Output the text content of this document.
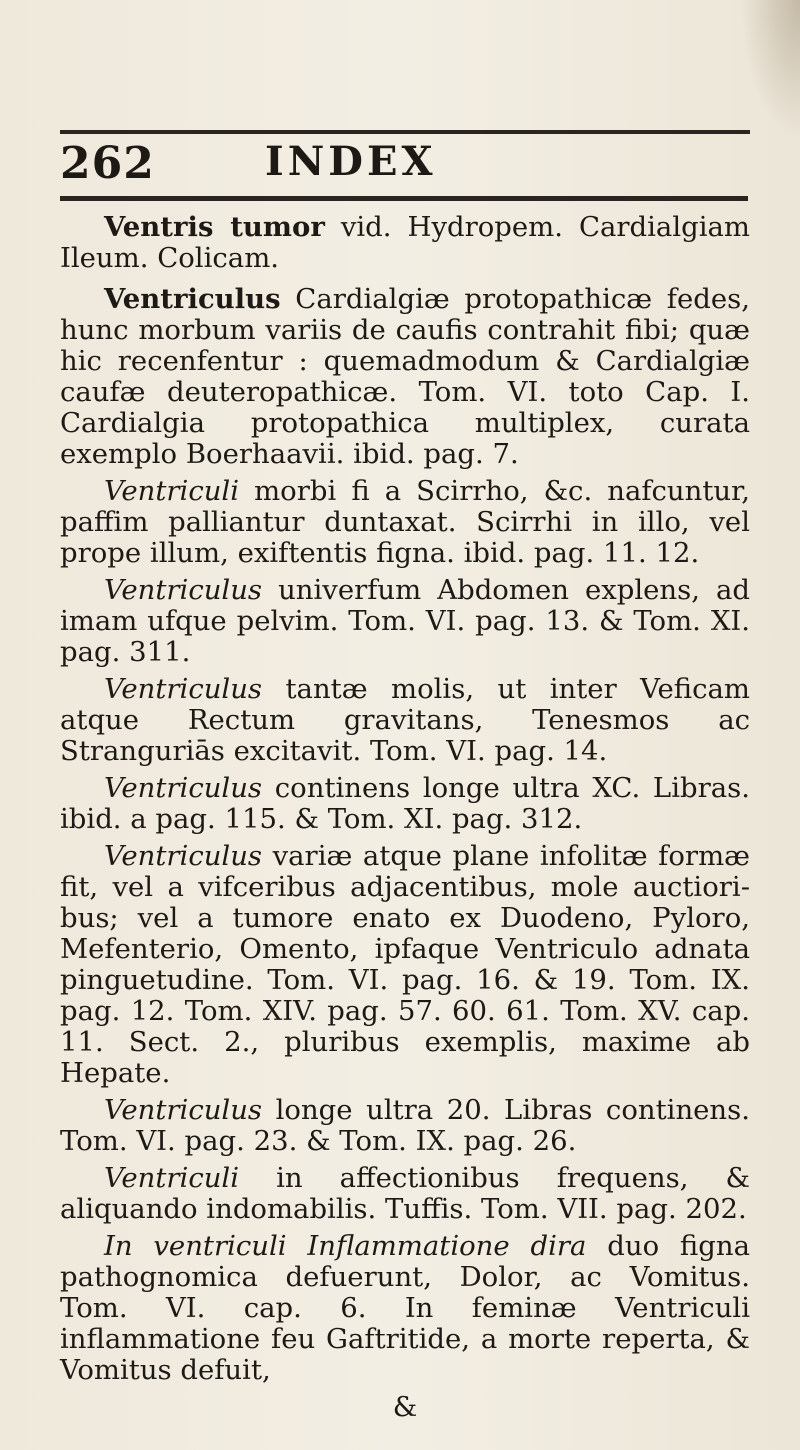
262	INDEX

Ventris tumor vid. Hydropem. Cardialgiam Ileum. Colicam.

Ventriculus Cardialgiæ protopathicæ fedes, hunc morbum variis de caufis contrahit fibi; quæ hic recenfentur : quemadmodum & Cardialgiæ caufæ deuteropathicæ. Tom. VI. toto Cap. I. Cardialgia protopathica multiplex, curata exemplo Boerhaavii. ibid. pag. 7.

Ventriculi morbi fi a Scirrho, &c. nafcuntur, paffim palliantur duntaxat. Scirrhi in illo, vel prope illum, exiftentis figna. ibid. pag. 11. 12.

Ventriculus univerfum Abdomen explens, ad imam ufque pelvim. Tom. VI. pag. 13. & Tom. XI. pag. 311.

Ventriculus tantæ molis, ut inter Veficam atque Rectum gravitans, Tenesmos ac Stranguriās excitavit. Tom. VI. pag. 14.

Ventriculus continens longe ultra XC. Libras. ibid. a pag. 115. & Tom. XI. pag. 312.

Ventriculus variæ atque plane infolitæ formæ fit, vel a vifceribus adjacentibus, mole auctiori-bus; vel a tumore enato ex Duodeno, Pyloro, Mefenterio, Omento, ipfaque Ventriculo adnata pinguetudine. Tom. VI. pag. 16. & 19. Tom. IX. pag. 12. Tom. XIV. pag. 57. 60. 61. Tom. XV. cap. 11. Sect. 2., pluribus exemplis, maxime ab Hepate.

Ventriculus longe ultra 20. Libras continens. Tom. VI. pag. 23. & Tom. IX. pag. 26.

Ventriculi in affectionibus frequens, & aliquando indomabilis. Tuffis. Tom. VII. pag. 202.

In ventriculi Inflammatione dira duo figna pathognomica defuerunt, Dolor, ac Vomitus. Tom. VI. cap. 6. In feminæ Ventriculi inflammatione feu Gaftritide, a morte reperta, & Vomitus defuit,

&
